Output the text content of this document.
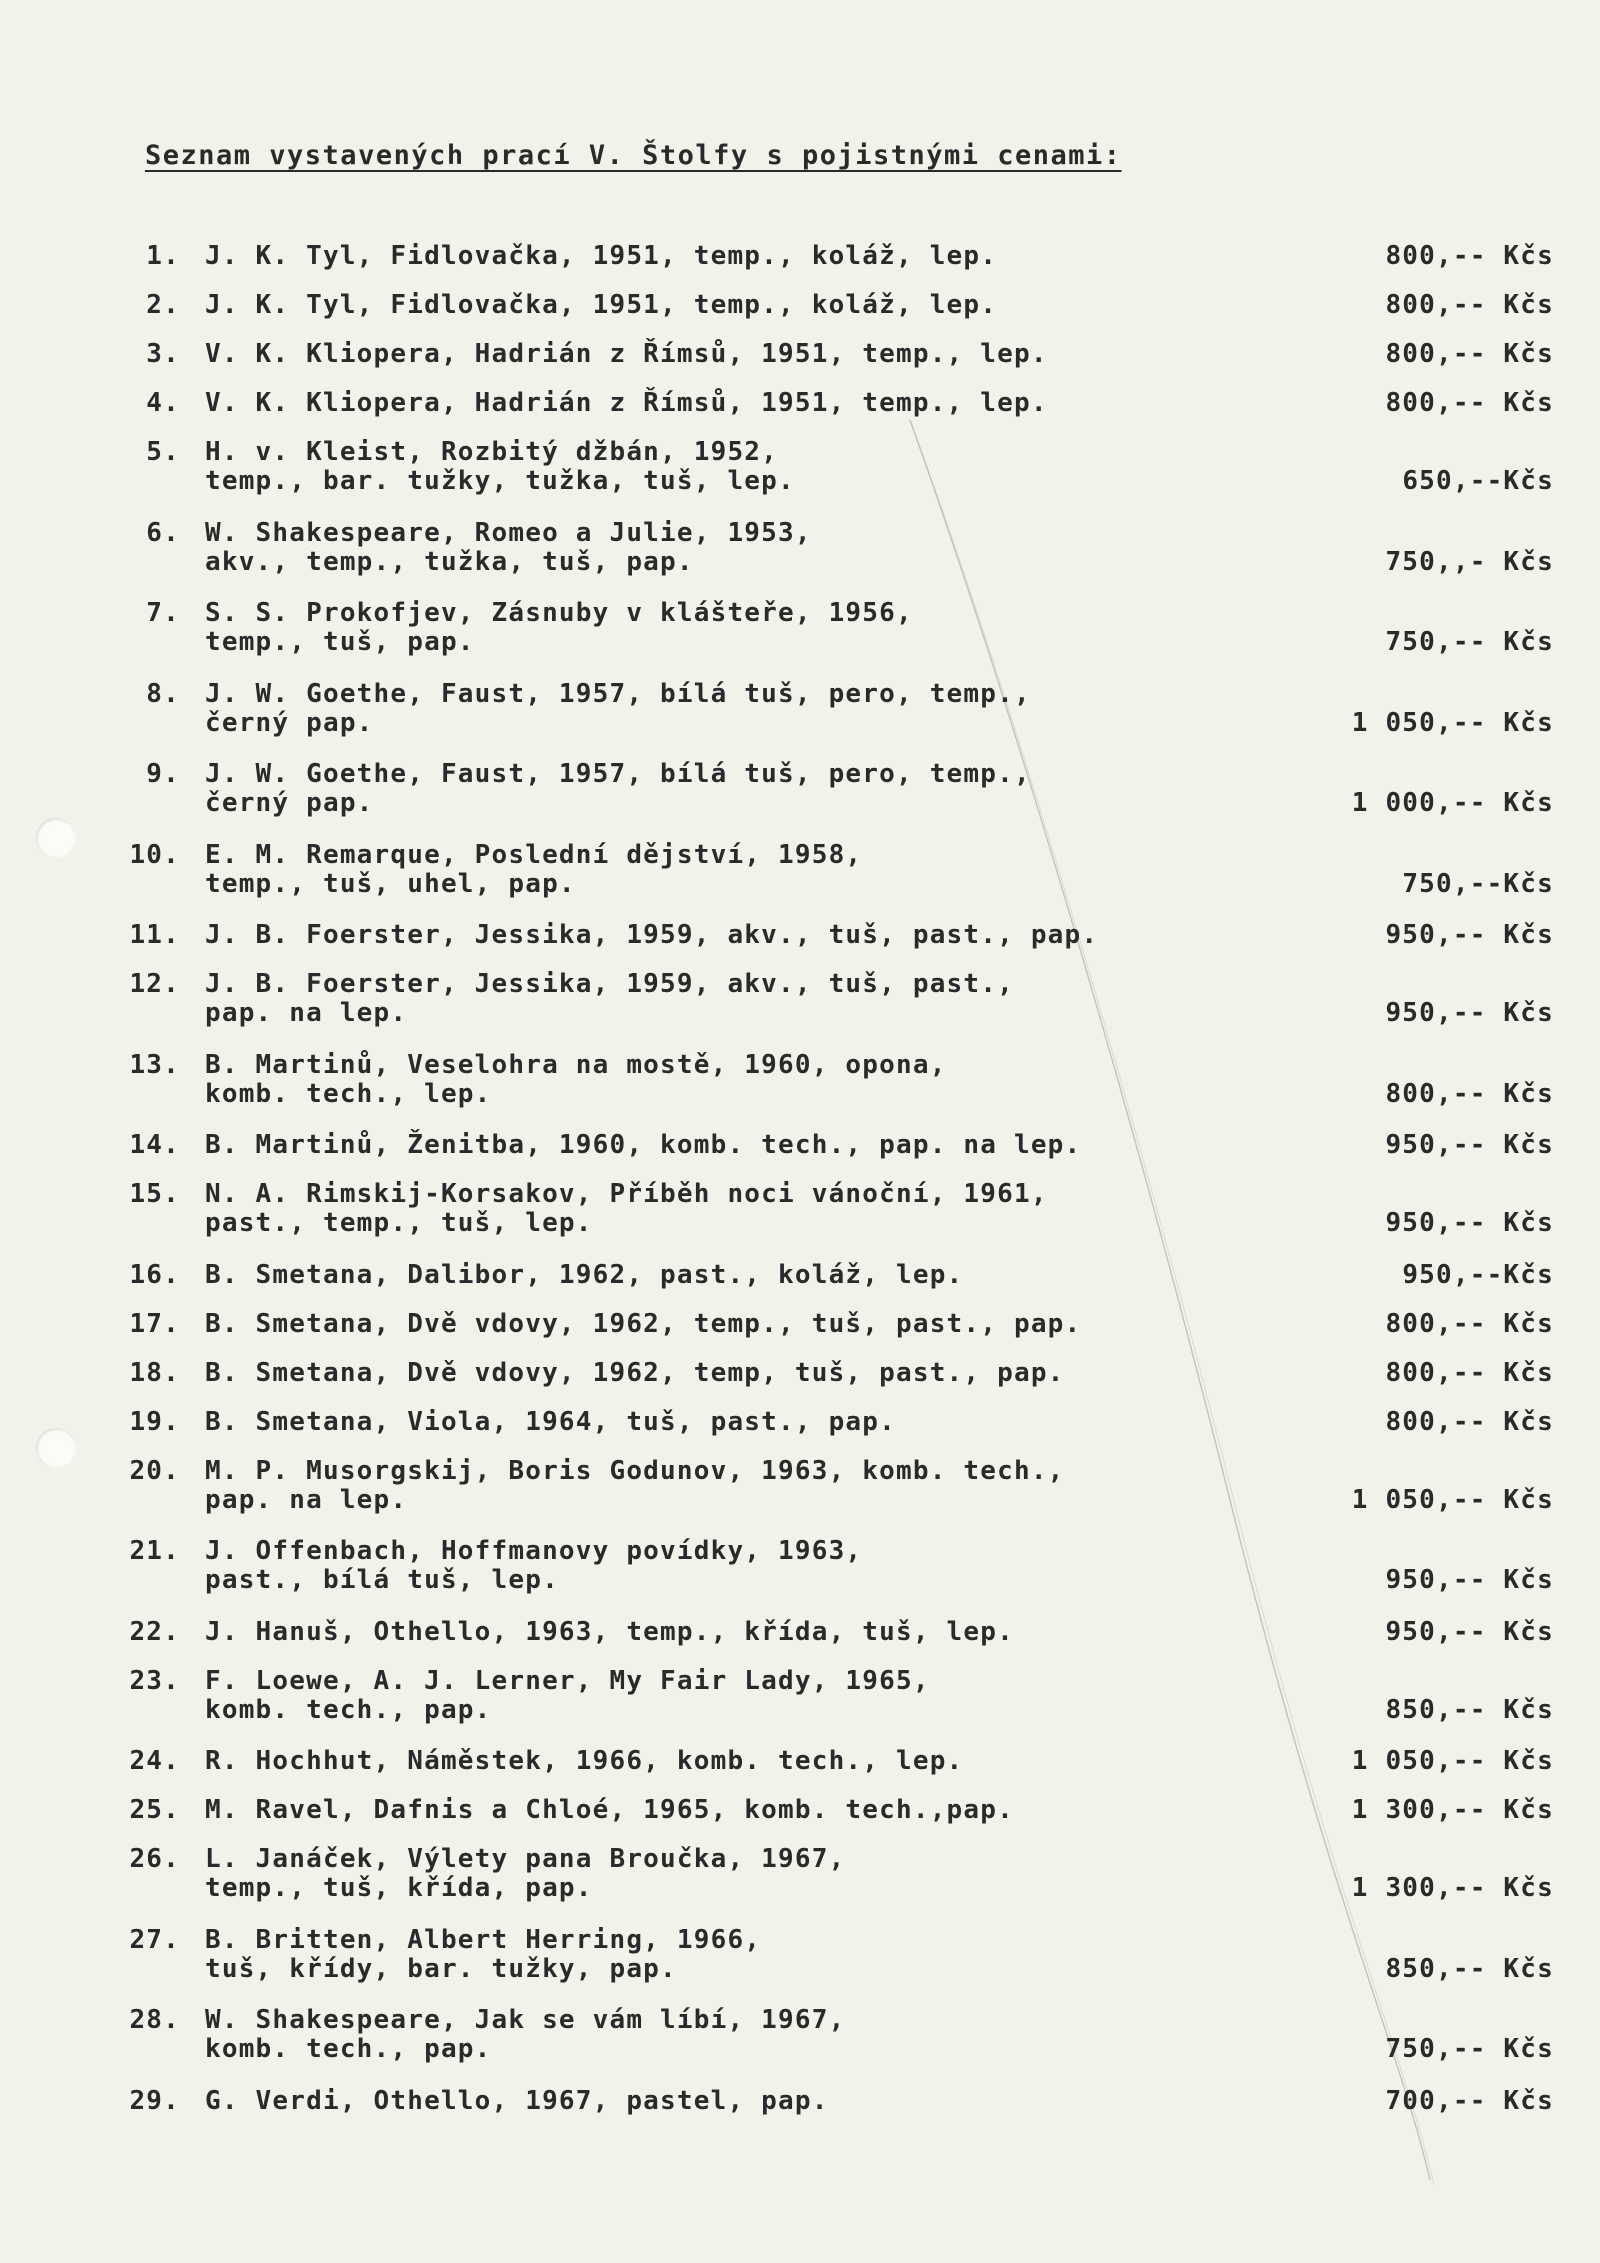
Seznam vystavených prací V. Štolfy s pojistnými cenami:
1. J. K. Tyl, Fidlovačka, 1951, temp., koláž, lep.	800,-- Kčs
2. J. K. Tyl, Fidlovačka, 1951, temp., koláž, lep.	800,-- Kčs
3. V. K. Kliopera, Hadrián z Římsů, 1951, temp., lep.	800,-- Kčs
4. V. K. Kliopera, Hadrián z Římsů, 1951, temp., lep.	800,-- Kčs
5. H. v. Kleist, Rozbitý džbán, 1952,
temp., bar. tužky, tužka, tuš, lep.	650,--Kčs
6. W. Shakespeare, Romeo a Julie, 1953,
akv., temp., tužka, tuš, pap.	750,,- Kčs
7. S. S. Prokofjev, Zásnuby v klášteře, 1956,
temp., tuš, pap.	750,-- Kčs
8. J. W. Goethe, Faust, 1957, bílá tuš, pero, temp.,
černý pap.	1 050,-- Kčs
9. J. W. Goethe, Faust, 1957, bílá tuš, pero, temp.,
černý pap.	1 000,-- Kčs
10. E. M. Remarque, Poslední dějství, 1958,
temp., tuš, uhel, pap.	750,--Kčs
11. J. B. Foerster, Jessika, 1959, akv., tuš, past., pap.	950,-- Kčs
12. J. B. Foerster, Jessika, 1959, akv., tuš, past.,
pap. na lep.	950,-- Kčs
13. B. Martinů, Veselohra na mostě, 1960, opona,
komb. tech., lep.	800,-- Kčs
14. B. Martinů, Ženitba, 1960, komb. tech., pap. na lep.	950,-- Kčs
15. N. A. Rimskij-Korsakov, Příběh noci vánoční, 1961,
past., temp., tuš, lep.	950,-- Kčs
16. B. Smetana, Dalibor, 1962, past., koláž, lep.	950,--Kčs
17. B. Smetana, Dvě vdovy, 1962, temp., tuš, past., pap.	800,-- Kčs
18. B. Smetana, Dvě vdovy, 1962, temp, tuš, past., pap.	800,-- Kčs
19. B. Smetana, Viola, 1964, tuš, past., pap.	800,-- Kčs
20. M. P. Musorgskij, Boris Godunov, 1963, komb. tech.,
pap. na lep.	1 050,-- Kčs
21. J. Offenbach, Hoffmanovy povídky, 1963,
past., bílá tuš, lep.	950,-- Kčs
22. J. Hanuš, Othello, 1963, temp., křída, tuš, lep.	950,-- Kčs
23. F. Loewe, A. J. Lerner, My Fair Lady, 1965,
komb. tech., pap.	850,-- Kčs
24. R. Hochhut, Náměstek, 1966, komb. tech., lep.	1 050,-- Kčs
25. M. Ravel, Dafnis a Chloé, 1965, komb. tech.,pap.	1 300,-- Kčs
26. L. Janáček, Výlety pana Broučka, 1967,
temp., tuš, křída, pap.	1 300,-- Kčs
27. B. Britten, Albert Herring, 1966,
tuš, křídy, bar. tužky, pap.	850,-- Kčs
28. W. Shakespeare, Jak se vám líbí, 1967,
komb. tech., pap.	750,-- Kčs
29. G. Verdi, Othello, 1967, pastel, pap.	700,-- Kčs
